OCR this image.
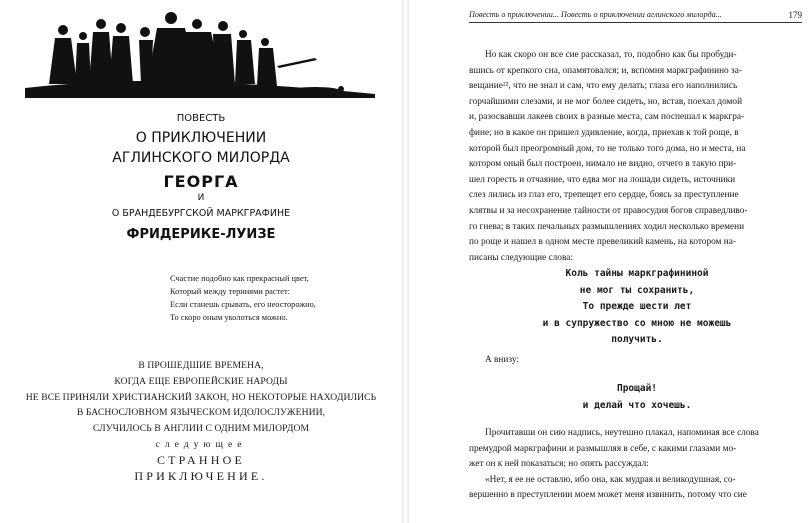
ПОВЕСТЬ
О ПРИКЛЮЧЕНИИ
АГЛИНСКОГО МИЛОРДА
ГЕОРГА
И
О БРАНДЕБУРГСКОЙ МАРКГРАФИНЕ
ФРИДЕРИКЕ-ЛУИЗЕ
Счастие подобно как прекрасный цвет,
Который между терниями растет:
Если станешь срывать, его неосторожно,
То скоро оным уколоться можно.
В ПРОШЕДШИЕ ВРЕМЕНА,
КОГДА ЕЩЕ ЕВРОПЕЙСКИЕ НАРОДЫ
НЕ ВСЕ ПРИНЯЛИ ХРИСТИАНСКИЙ ЗАКОН, НО НЕКОТОРЫЕ НАХОДИЛИСЬ
В БАСНОСЛОВНОМ ЯЗЫЧЕСКОМ ИДОЛОСЛУЖЕНИИ,
СЛУЧИЛОСЬ В АНГЛИИ С ОДНИМ МИЛОРДОМ
следующее
СТРАННОЕ
ПРИКЛЮЧЕНИЕ.
Повесть о приключении... Повесть о приключении аглинского милорда...	179
Но как скоро он все сие рассказал, то, подобно как бы пробуди-
вшись от крепкого сна, опамятовался; и, вспомня маркграфинино за-
вещание²², что не знал и сам, что ему делать; глаза его наполнились
горчайшими слезами, и не мог более сидеть, но, встав, поехал домой
и, разосвавши лакеев своих в разные места, сам поспешал к маркгра-
фине; но в какое он пришел удивление, когда, приехав к той роще, в
которой был преогромный дом, то не только того дома, но и места, на
котором оный был построен, нимало не видно, отчего в такую при-
шел горесть и отчаяние, что едва мог на лошади сидеть, источники
слез лились из глаз его, трепещет его сердце, боясь за преступление
клятвы и за несохранение тайности от правосудия богов справедливо-
го гнева; в таких печальных размышлениях ходил несколько времени
по роще и нашел в одном месте превеликий камень, на котором на-
писаны следующие слова:
Коль тайны маркграфининой
не мог ты сохранить,
То прежде шести лет
и в супружество со мною не можешь
получить.
А внизу:
Прощай!
и делай что хочешь.
Прочитавши он сию надпись, неутешно плакал, напоминая все слова
премудрой маркграфини и размышляя в себе, с какими глазами мо-
жет он к ней показаться; но опять рассуждал:
«Нет, я ее не оставлю, ибо она, как мудрая и великодушная, со-
вершенно в преступлении моем может меня извинить, потому что сие
